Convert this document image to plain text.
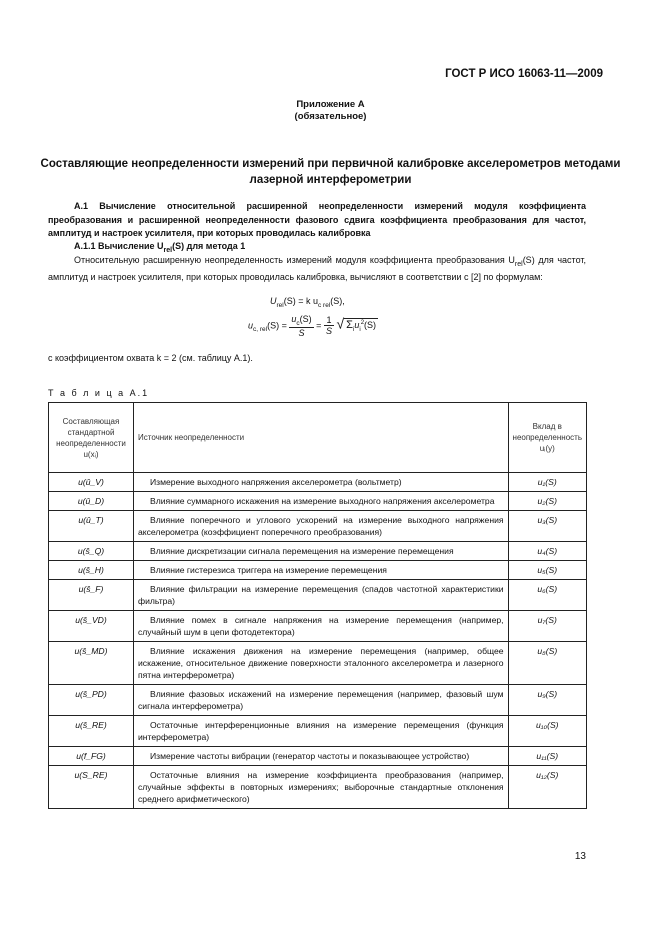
ГОСТ Р ИСО 16063-11—2009
Приложение А
(обязательное)
Составляющие неопределенности измерений при первичной калибровке акселерометров методами лазерной интерферометрии
А.1 Вычисление относительной расширенной неопределенности измерений модуля коэффициента преобразования и расширенной неопределенности фазового сдвига коэффициента преобразования для частот, амплитуд и настроек усилителя, при которых проводилась калибровка
А.1.1 Вычисление $U_{rel}(S)$ для метода 1
Относительную расширенную неопределенность измерений модуля коэффициента преобразования $U_{rel}(S)$ для частот, амплитуд и настроек усилителя, при которых проводилась калибровка, вычисляют в соответствии с [2] по формулам:
$U_{rel}(S) = k$ $u_{c rel}(S)$,
$u_{c, rel}(S) = \frac{u_c(S)}{S} = \frac{1}{S}$ √ $\Sigma_iu_i^2(S)$
с коэффициентом охвата k = 2 (см. таблицу А.1).
Т а б л и ц а А.1
Составляющая стандартной неопределенности u(xᵢ)	Источник неопределенности	Вклад в неопределенность uᵢ(y)
u(û_V)	Измерение выходного напряжения акселерометра (вольтметр)	u₁(S)
u(û_D)	Влияние суммарного искажения на измерение выходного напряжения акселерометра	u₂(S)
u(û_T)	Влияние поперечного и углового ускорений на измерение выходного напряжения акселерометра (коэффициент поперечного преобразования)	u₃(S)
u(ŝ_Q)	Влияние дискретизации сигнала перемещения на измерение перемещения	u₄(S)
u(ŝ_H)	Влияние гистерезиса триггера на измерение перемещения	u₅(S)
u(ŝ_F)	Влияние фильтрации на измерение перемещения (спадов частотной характеристики фильтра)	u₆(S)
u(ŝ_VD)	Влияние помех в сигнале напряжения на измерение перемещения (например, случайный шум в цепи фотодетектора)	u₇(S)
u(ŝ_MD)	Влияние искажения движения на измерение перемещения (например, общее искажение, относительное движение поверхности эталонного акселерометра и лазерного пятна интерферометра)	u₈(S)
u(ŝ_PD)	Влияние фазовых искажений на измерение перемещения (например, фазовый шум сигнала интерферометра)	u₉(S)
u(ŝ_RE)	Остаточные интерференционные влияния на измерение перемещения (функция интерферометра)	u₁₀(S)
u(f_FG)	Измерение частоты вибрации (генератор частоты и показывающее устройство)	u₁₁(S)
u(S_RE)	Остаточные влияния на измерение коэффициента преобразования (например, случайные эффекты в повторных измерениях; выборочные стандартные отклонения среднего арифметического)	u₁₂(S)
13
